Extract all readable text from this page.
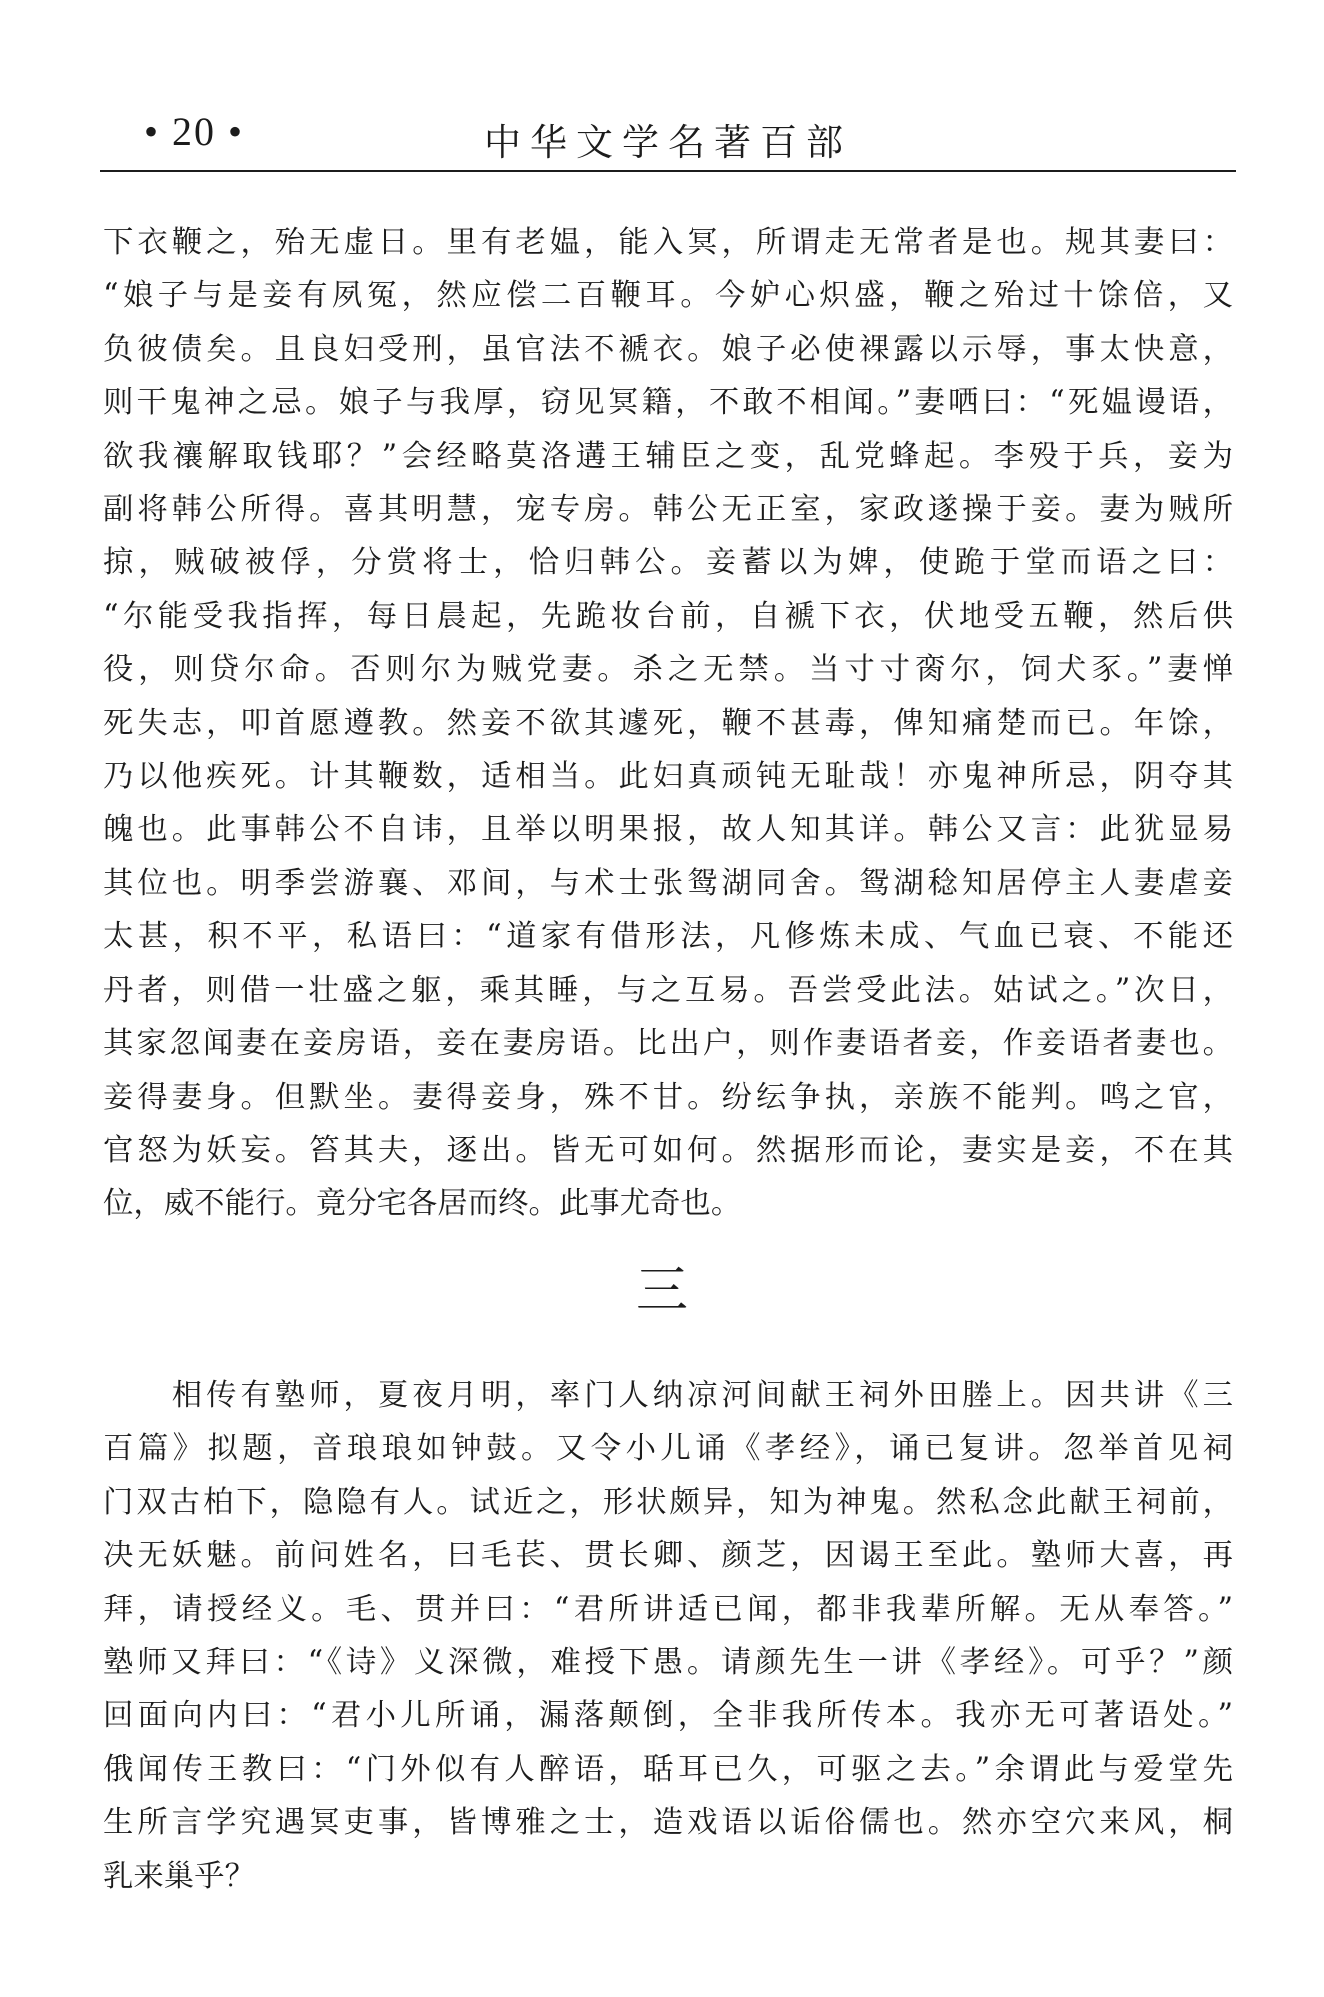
• 20 •	中华文学名著百部
下衣鞭之，殆无虚日。里有老媪，能入冥，所谓走无常者是也。规其妻曰：
“娘子与是妾有夙冤，然应偿二百鞭耳。今妒心炽盛，鞭之殆过十馀倍，又
负彼债矣。且良妇受刑，虽官法不褫衣。娘子必使裸露以示辱，事太快意，
则干鬼神之忌。娘子与我厚，窃见冥籍，不敢不相闻。”妻哂曰：“死媪谩语，
欲我禳解取钱耶？”会经略莫洛遘王辅臣之变，乱党蜂起。李殁于兵，妾为
副将韩公所得。喜其明慧，宠专房。韩公无正室，家政遂操于妾。妻为贼所
掠，贼破被俘，分赏将士，恰归韩公。妾蓄以为婢，使跪于堂而语之曰：
“尔能受我指挥，每日晨起，先跪妆台前，自褫下衣，伏地受五鞭，然后供
役，则贷尔命。否则尔为贼党妻。杀之无禁。当寸寸脔尔，饲犬豕。”妻惮
死失志，叩首愿遵教。然妾不欲其遽死，鞭不甚毒，俾知痛楚而已。年馀，
乃以他疾死。计其鞭数，适相当。此妇真顽钝无耻哉！亦鬼神所忌，阴夺其
魄也。此事韩公不自讳，且举以明果报，故人知其详。韩公又言：此犹显易
其位也。明季尝游襄、邓间，与术士张鸳湖同舍。鸳湖稔知居停主人妻虐妾
太甚，积不平，私语曰：“道家有借形法，凡修炼未成、气血已衰、不能还
丹者，则借一壮盛之躯，乘其睡，与之互易。吾尝受此法。姑试之。”次日，
其家忽闻妻在妾房语，妾在妻房语。比出户，则作妻语者妾，作妾语者妻也。
妾得妻身。但默坐。妻得妾身，殊不甘。纷纭争执，亲族不能判。鸣之官，
官怒为妖妄。笞其夫，逐出。皆无可如何。然据形而论，妻实是妾，不在其
位，威不能行。竟分宅各居而终。此事尤奇也。
三
　　相传有塾师，夏夜月明，率门人纳凉河间献王祠外田塍上。因共讲《三
百篇》拟题，音琅琅如钟鼓。又令小儿诵《孝经》，诵已复讲。忽举首见祠
门双古柏下，隐隐有人。试近之，形状颇异，知为神鬼。然私念此献王祠前，
决无妖魅。前问姓名，曰毛苌、贯长卿、颜芝，因谒王至此。塾师大喜，再
拜，请授经义。毛、贯并曰：“君所讲适已闻，都非我辈所解。无从奉答。”
塾师又拜曰：“《诗》义深微，难授下愚。请颜先生一讲《孝经》。可乎？”颜
回面向内曰：“君小儿所诵，漏落颠倒，全非我所传本。我亦无可著语处。”
俄闻传王教曰：“门外似有人醉语，聒耳已久，可驱之去。”余谓此与爱堂先
生所言学究遇冥吏事，皆博雅之士，造戏语以诟俗儒也。然亦空穴来风，桐
乳来巢乎？
